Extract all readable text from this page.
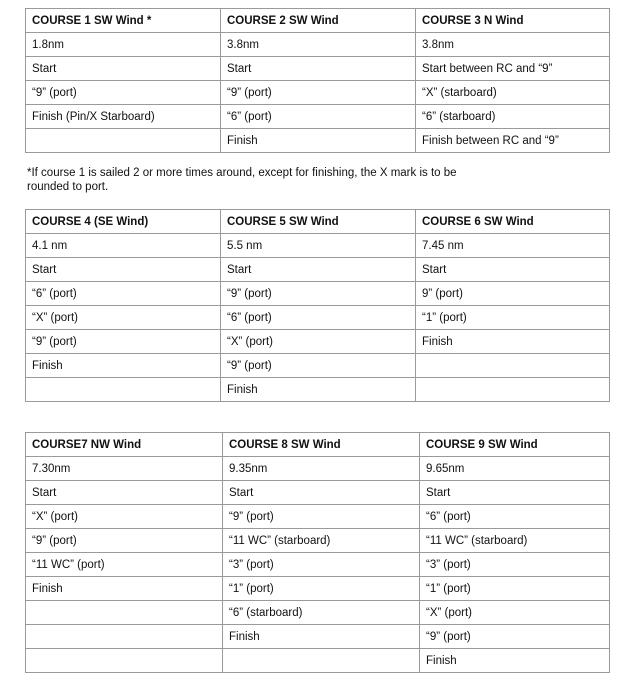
COURSE 1 SW Wind *	COURSE 2 SW Wind	COURSE 3 N Wind
1.8nm	3.8nm	3.8nm
Start	Start	Start between RC and “9”
“9” (port)	“9” (port)	“X” (starboard)
Finish (Pin/X Starboard)	“6” (port)	“6” (starboard)
	Finish	Finish between RC and “9”

*If course 1 is sailed 2 or more times around, except for finishing, the X mark is to be rounded to port.

COURSE 4 (SE Wind)	COURSE 5 SW Wind	COURSE 6 SW Wind
4.1 nm	5.5 nm	7.45 nm
Start	Start	Start
“6” (port)	“9” (port)	9” (port)
“X” (port)	“6” (port)	“1” (port)
“9” (port)	“X” (port)	Finish
Finish	“9” (port)	
	Finish	
COURSE7 NW Wind	COURSE 8 SW Wind	COURSE 9 SW Wind
7.30nm	9.35nm	9.65nm
Start	Start	Start
“X” (port)	“9” (port)	“6” (port)
“9” (port)	“11 WC” (starboard)	“11 WC” (starboard)
“11 WC” (port)	“3” (port)	“3” (port)
Finish	“1” (port)	“1” (port)
	“6” (starboard)	“X” (port)
	Finish	“9” (port)
		Finish
